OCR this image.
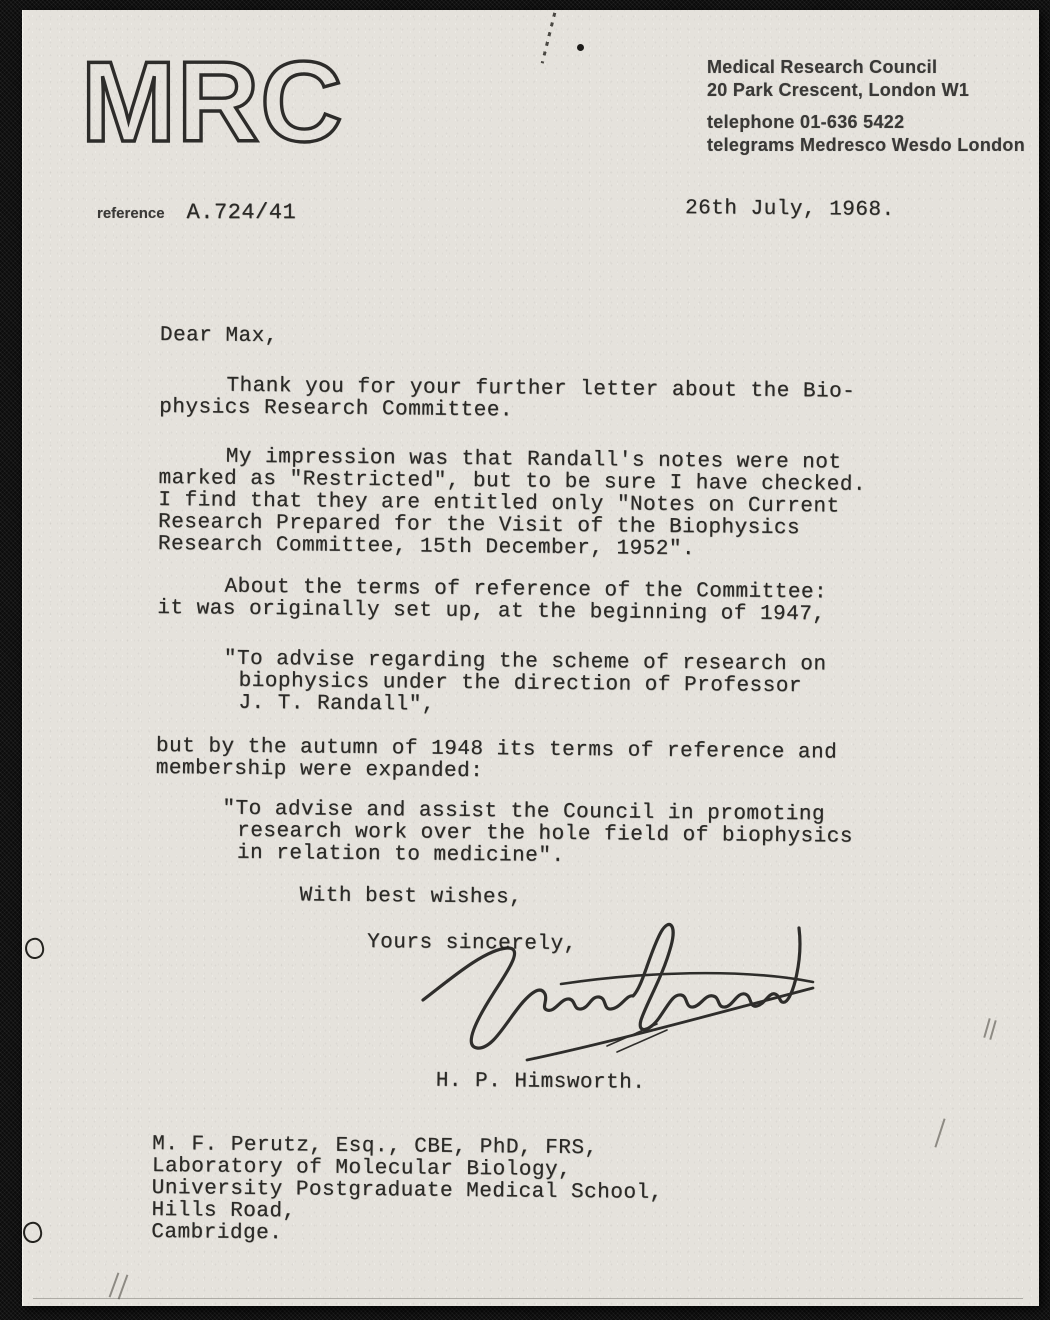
MRC	Medical Research Council
20 Park Crescent, London W1
telephone 01-636 5422
telegrams Medresco Wesdo London
reference A.724/41	26th July, 1968.
Dear Max,
Thank you for your further letter about the Bio-
physics Research Committee.
My impression was that Randall's notes were not
marked as "Restricted", but to be sure I have checked.
I find that they are entitled only "Notes on Current
Research Prepared for the Visit of the Biophysics
Research Committee, 15th December, 1952".
About the terms of reference of the Committee:
it was originally set up, at the beginning of 1947,
"To advise regarding the scheme of research on
biophysics under the direction of Professor
J. T. Randall",
but by the autumn of 1948 its terms of reference and
membership were expanded:
"To advise and assist the Council in promoting
research work over the hole field of biophysics
in relation to medicine".
With best wishes,
Yours sincerely,
H. P. Himsworth.
M. F. Perutz, Esq., CBE, PhD, FRS,
Laboratory of Molecular Biology,
University Postgraduate Medical School,
Hills Road,
Cambridge.
